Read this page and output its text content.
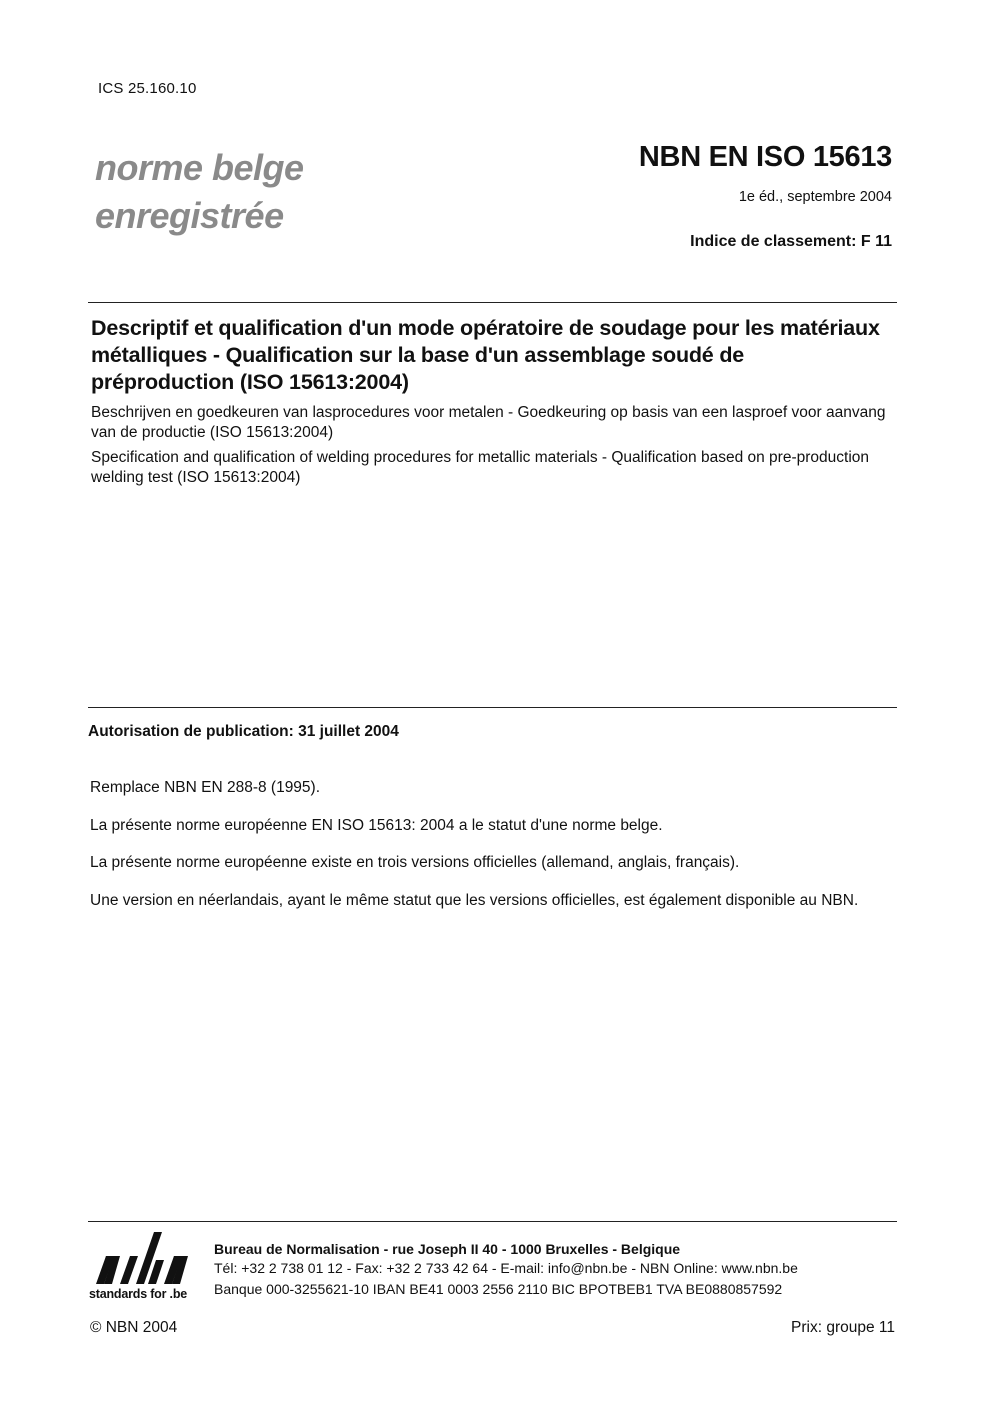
ICS 25.160.10
norme belge
enregistrée
NBN EN ISO 15613
1e éd., septembre 2004
Indice de classement: F 11
Descriptif et qualification d'un mode opératoire de soudage pour les matériaux métalliques - Qualification sur la base d'un assemblage soudé de préproduction (ISO 15613:2004)
Beschrijven en goedkeuren van lasprocedures voor metalen - Goedkeuring op basis van een lasproef voor aanvang van de productie (ISO 15613:2004)
Specification and qualification of welding procedures for metallic materials - Qualification based on pre-production welding test (ISO 15613:2004)
Autorisation de publication: 31 juillet 2004
Remplace NBN EN 288-8 (1995).
La présente norme européenne EN ISO 15613: 2004 a le statut d'une norme belge.
La présente norme européenne existe en trois versions officielles (allemand, anglais, français).
Une version en néerlandais, ayant le même statut que les versions officielles, est également disponible au NBN.
standards for .be
Bureau de Normalisation - rue Joseph II 40 - 1000 Bruxelles - Belgique
Tél: +32 2 738 01 12 - Fax: +32 2 733 42 64 - E-mail: info@nbn.be - NBN Online: www.nbn.be
Banque 000-3255621-10 IBAN BE41 0003 2556 2110 BIC BPOTBEB1 TVA BE0880857592
© NBN 2004	Prix: groupe 11
